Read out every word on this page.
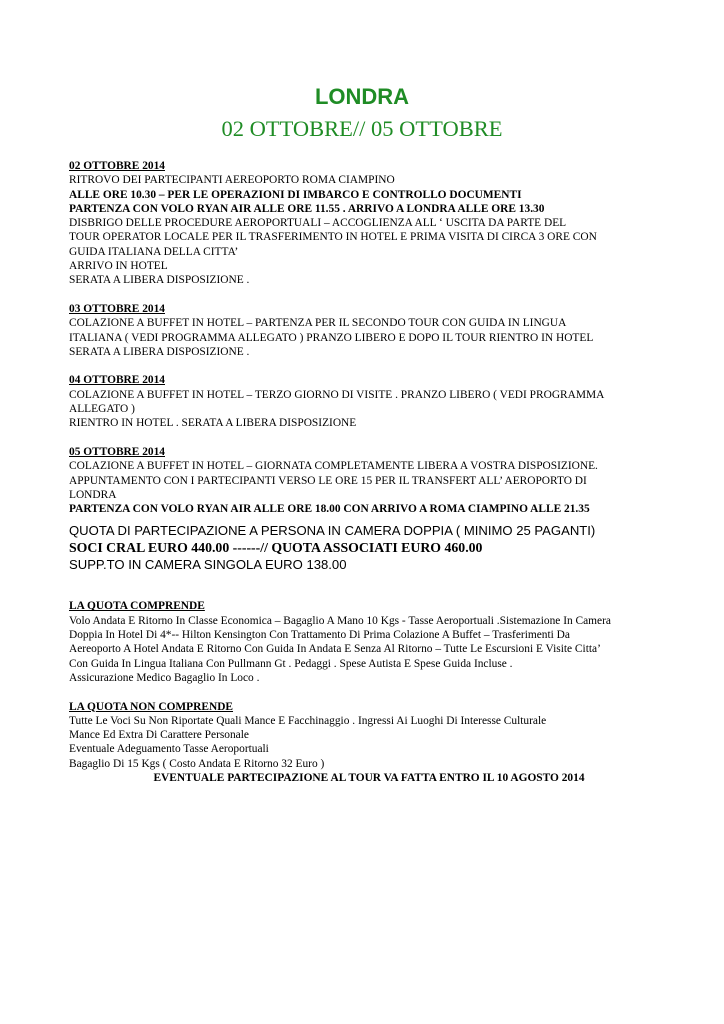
LONDRA
02 OTTOBRE// 05 OTTOBRE
02 OTTOBRE 2014
RITROVO DEI PARTECIPANTI AEREOPORTO ROMA CIAMPINO
ALLE ORE 10.30 – PER LE OPERAZIONI DI IMBARCO E CONTROLLO DOCUMENTI
PARTENZA CON VOLO RYAN AIR ALLE ORE 11.55 . ARRIVO A LONDRA ALLE ORE 13.30
DISBRIGO DELLE PROCEDURE AEROPORTUALI – ACCOGLIENZA ALL ‘ USCITA DA PARTE DEL
TOUR OPERATOR LOCALE PER IL TRASFERIMENTO IN HOTEL E PRIMA VISITA DI CIRCA 3 ORE CON
GUIDA ITALIANA DELLA CITTA’
ARRIVO IN HOTEL
SERATA A LIBERA DISPOSIZIONE .
03 OTTOBRE 2014
COLAZIONE A BUFFET IN HOTEL – PARTENZA PER IL SECONDO TOUR CON GUIDA IN LINGUA
ITALIANA ( VEDI PROGRAMMA ALLEGATO ) PRANZO LIBERO E DOPO IL TOUR RIENTRO IN HOTEL
SERATA A LIBERA DISPOSIZIONE .
04 OTTOBRE 2014
COLAZIONE A BUFFET IN HOTEL – TERZO GIORNO DI VISITE . PRANZO LIBERO ( VEDI PROGRAMMA
ALLEGATO )
RIENTRO IN HOTEL . SERATA A LIBERA DISPOSIZIONE
05 OTTOBRE 2014
COLAZIONE A BUFFET IN HOTEL – GIORNATA COMPLETAMENTE LIBERA A VOSTRA DISPOSIZIONE.
APPUNTAMENTO CON I PARTECIPANTI VERSO LE ORE 15 PER IL TRANSFERT ALL’ AEROPORTO DI
LONDRA
PARTENZA CON VOLO RYAN AIR ALLE ORE 18.00 CON ARRIVO A ROMA CIAMPINO ALLE 21.35
QUOTA DI PARTECIPAZIONE A PERSONA IN CAMERA DOPPIA ( MINIMO 25 PAGANTI)
SOCI CRAL EURO 440.00 ------// QUOTA ASSOCIATI EURO 460.00
SUPP.TO IN CAMERA SINGOLA EURO 138.00
LA QUOTA COMPRENDE
Volo Andata E Ritorno In Classe Economica – Bagaglio A Mano 10 Kgs - Tasse Aeroportuali .Sistemazione In Camera
Doppia In Hotel Di 4*-- Hilton Kensington Con Trattamento Di Prima Colazione A Buffet – Trasferimenti Da
Aereoporto A Hotel Andata E Ritorno Con Guida In Andata E Senza Al Ritorno – Tutte Le Escursioni E Visite Citta’
Con Guida In Lingua Italiana Con Pullmann Gt . Pedaggi . Spese Autista E Spese Guida Incluse .
Assicurazione Medico Bagaglio In Loco .
LA QUOTA NON COMPRENDE
Tutte Le Voci Su Non Riportate Quali Mance E Facchinaggio . Ingressi Ai Luoghi Di Interesse Culturale
Mance Ed Extra Di Carattere Personale
Eventuale Adeguamento Tasse Aeroportuali
Bagaglio Di 15 Kgs ( Costo Andata E Ritorno 32 Euro )
EVENTUALE PARTECIPAZIONE AL TOUR VA FATTA ENTRO IL 10 AGOSTO 2014
